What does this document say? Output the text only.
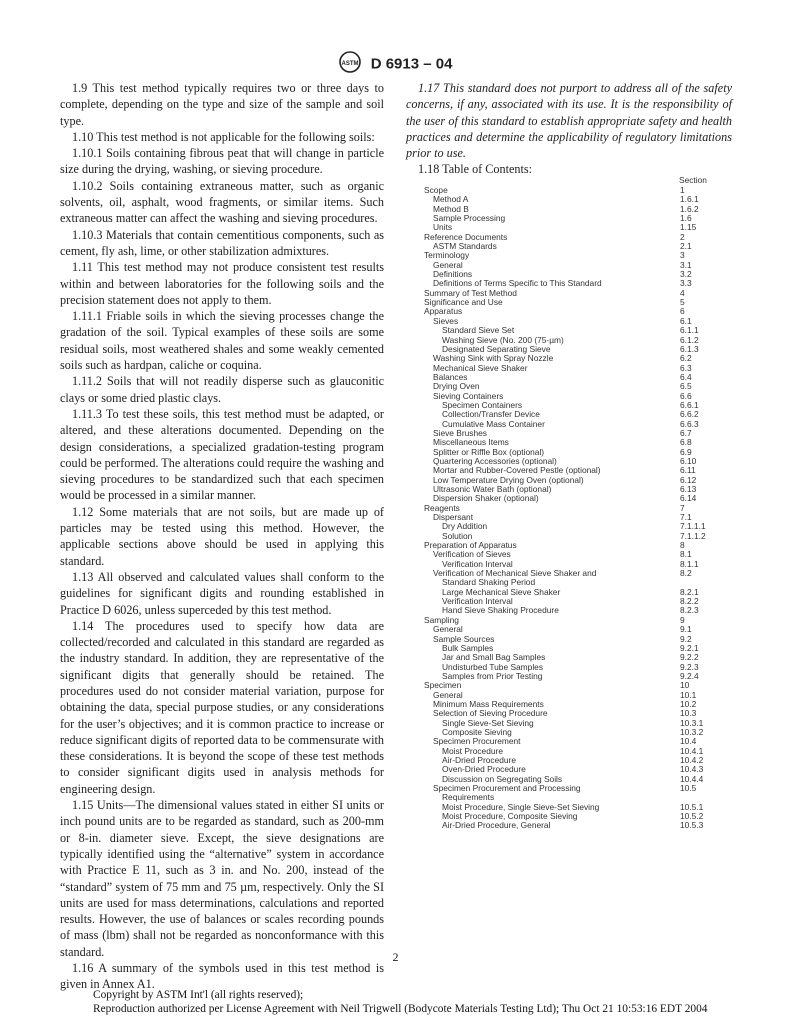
ASTM D 6913 – 04

1.9 This test method typically requires two or three days to complete, depending on the type and size of the sample and soil type.

1.10 This test method is not applicable for the following soils:

1.10.1 Soils containing fibrous peat that will change in particle size during the drying, washing, or sieving procedure.

1.10.2 Soils containing extraneous matter, such as organic solvents, oil, asphalt, wood fragments, or similar items. Such extraneous matter can affect the washing and sieving procedures.

1.10.3 Materials that contain cementitious components, such as cement, fly ash, lime, or other stabilization admixtures.

1.11 This test method may not produce consistent test results within and between laboratories for the following soils and the precision statement does not apply to them.

1.11.1 Friable soils in which the sieving processes change the gradation of the soil. Typical examples of these soils are some residual soils, most weathered shales and some weakly cemented soils such as hardpan, caliche or coquina.

1.11.2 Soils that will not readily disperse such as glauconitic clays or some dried plastic clays.

1.11.3 To test these soils, this test method must be adapted, or altered, and these alterations documented. Depending on the design considerations, a specialized gradation-testing program could be performed. The alterations could require the washing and sieving procedures to be standardized such that each specimen would be processed in a similar manner.

1.12 Some materials that are not soils, but are made up of particles may be tested using this method. However, the applicable sections above should be used in applying this standard.

1.13 All observed and calculated values shall conform to the guidelines for significant digits and rounding established in Practice D 6026, unless superceded by this test method.

1.14 The procedures used to specify how data are collected/recorded and calculated in this standard are regarded as the industry standard. In addition, they are representative of the significant digits that generally should be retained. The procedures used do not consider material variation, purpose for obtaining the data, special purpose studies, or any considerations for the user’s objectives; and it is common practice to increase or reduce significant digits of reported data to be commensurate with these considerations. It is beyond the scope of these test methods to consider significant digits used in analysis methods for engineering design.

1.15 Units—The dimensional values stated in either SI units or inch pound units are to be regarded as standard, such as 200-mm or 8-in. diameter sieve. Except, the sieve designations are typically identified using the “alternative” system in accordance with Practice E 11, such as 3 in. and No. 200, instead of the “standard” system of 75 mm and 75 µm, respectively. Only the SI units are used for mass determinations, calculations and reported results. However, the use of balances or scales recording pounds of mass (lbm) shall not be regarded as nonconformance with this standard.

1.16 A summary of the symbols used in this test method is given in Annex A1.

1.17 This standard does not purport to address all of the safety concerns, if any, associated with its use. It is the responsibility of the user of this standard to establish appropriate safety and health practices and determine the applicability of regulatory limitations prior to use.

1.18 Table of Contents:

Section
Scope	1
Method A	1.6.1
Method B	1.6.2
Sample Processing	1.6
Units	1.15
Reference Documents	2
ASTM Standards	2.1
Terminology	3
General	3.1
Definitions	3.2
Definitions of Terms Specific to This Standard	3.3
Summary of Test Method	4
Significance and Use	5
Apparatus	6
Sieves	6.1
Standard Sieve Set	6.1.1
Washing Sieve (No. 200 (75-µm)	6.1.2
Designated Separating Sieve	6.1.3
Washing Sink with Spray Nozzle	6.2
Mechanical Sieve Shaker	6.3
Balances	6.4
Drying Oven	6.5
Sieving Containers	6.6
Specimen Containers	6.6.1
Collection/Transfer Device	6.6.2
Cumulative Mass Container	6.6.3
Sieve Brushes	6.7
Miscellaneous Items	6.8
Splitter or Riffle Box (optional)	6.9
Quartering Accessories (optional)	6.10
Mortar and Rubber-Covered Pestle (optional)	6.11
Low Temperature Drying Oven (optional)	6.12
Ultrasonic Water Bath (optional)	6.13
Dispersion Shaker (optional)	6.14
Reagents	7
Dispersant	7.1
Dry Addition	7.1.1.1
Solution	7.1.1.2
Preparation of Apparatus	8
Verification of Sieves	8.1
Verification Interval	8.1.1
Verification of Mechanical Sieve Shaker and	8.2
Standard Shaking Period
Large Mechanical Sieve Shaker	8.2.1
Verification Interval	8.2.2
Hand Sieve Shaking Procedure	8.2.3
Sampling	9
General	9.1
Sample Sources	9.2
Bulk Samples	9.2.1
Jar and Small Bag Samples	9.2.2
Undisturbed Tube Samples	9.2.3
Samples from Prior Testing	9.2.4
Specimen	10
General	10.1
Minimum Mass Requirements	10.2
Selection of Sieving Procedure	10.3
Single Sieve-Set Sieving	10.3.1
Composite Sieving	10.3.2
Specimen Procurement	10.4
Moist Procedure	10.4.1
Air-Dried Procedure	10.4.2
Oven-Dried Procedure	10.4.3
Discussion on Segregating Soils	10.4.4
Specimen Procurement and Processing	10.5
Requirements
Moist Procedure, Single Sieve-Set Sieving	10.5.1
Moist Procedure, Composite Sieving	10.5.2
Air-Dried Procedure, General	10.5.3
2
Copyright by ASTM Int'l (all rights reserved);
Reproduction authorized per License Agreement with Neil Trigwell (Bodycote Materials Testing Ltd); Thu Oct 21 10:53:16 EDT 2004
